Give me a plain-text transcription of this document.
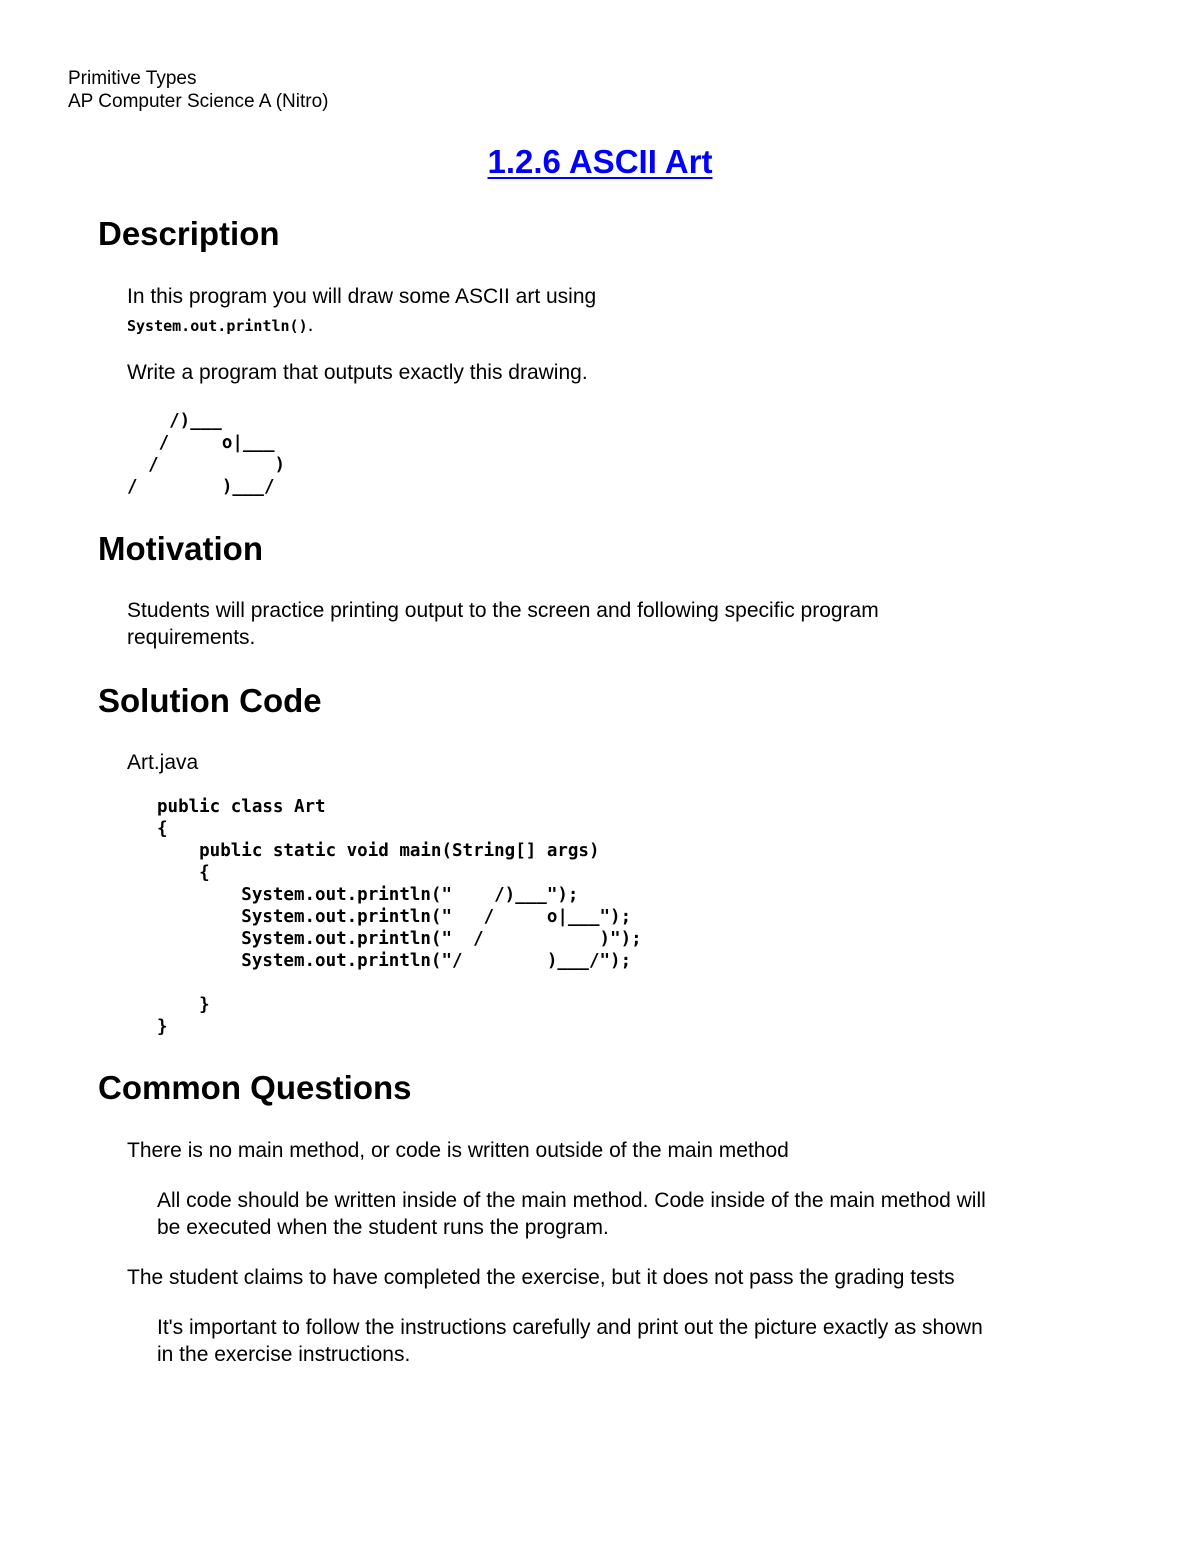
Primitive Types
AP Computer Science A (Nitro)
1.2.6 ASCII Art
Description
In this program you will draw some ASCII art using
System.out.println().
Write a program that outputs exactly this drawing.
/)___
/     o|___
/           )
/        )___/
Motivation
Students will practice printing output to the screen and following specific program
requirements.
Solution Code
Art.java
public class Art
{
public static void main(String[] args)
{
System.out.println("    /)___");
System.out.println("   /     o|___");
System.out.println("  /           )");
System.out.println("/        )___/");

}
}
Common Questions
There is no main method, or code is written outside of the main method
All code should be written inside of the main method. Code inside of the main method will
be executed when the student runs the program.
The student claims to have completed the exercise, but it does not pass the grading tests
It's important to follow the instructions carefully and print out the picture exactly as shown
in the exercise instructions.
